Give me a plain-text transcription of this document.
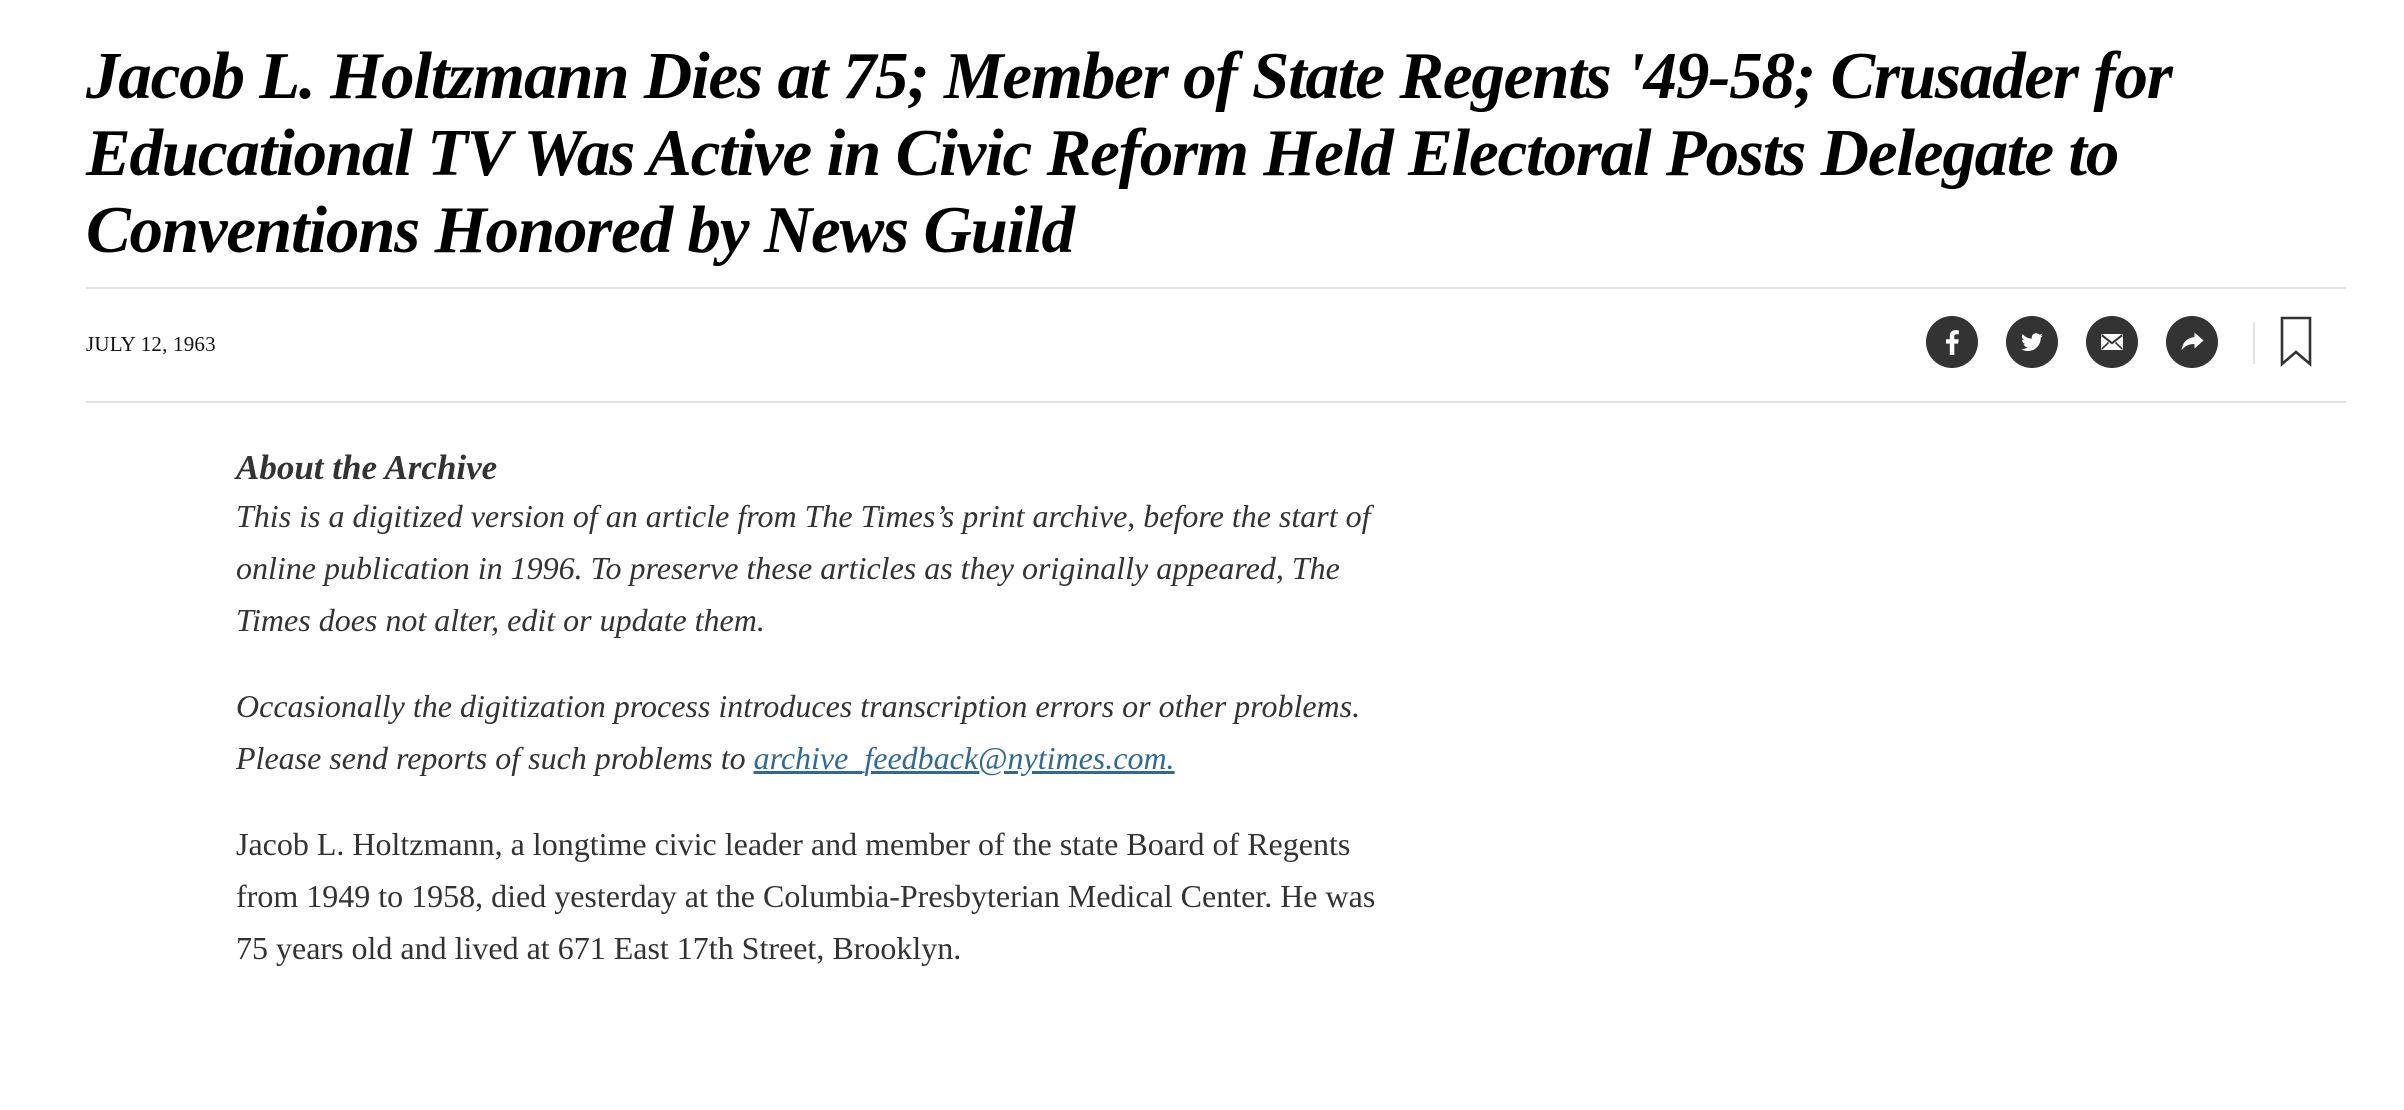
Jacob L. Holtzmann Dies at 75; Member of State Regents '49-58; Crusader for Educational TV Was Active in Civic Reform Held Electoral Posts Delegate to Conventions Honored by News Guild
JULY 12, 1963
About the Archive

This is a digitized version of an article from The Times’s print archive, before the start of online publication in 1996. To preserve these articles as they originally appeared, The Times does not alter, edit or update them.

Occasionally the digitization process introduces transcription errors or other problems. Please send reports of such problems to archive_feedback@nytimes.com.

Jacob L. Holtzmann, a longtime civic leader and member of the state Board of Regents from 1949 to 1958, died yesterday at the Columbia-Presbyterian Medical Center. He was 75 years old and lived at 671 East 17th Street, Brooklyn.
